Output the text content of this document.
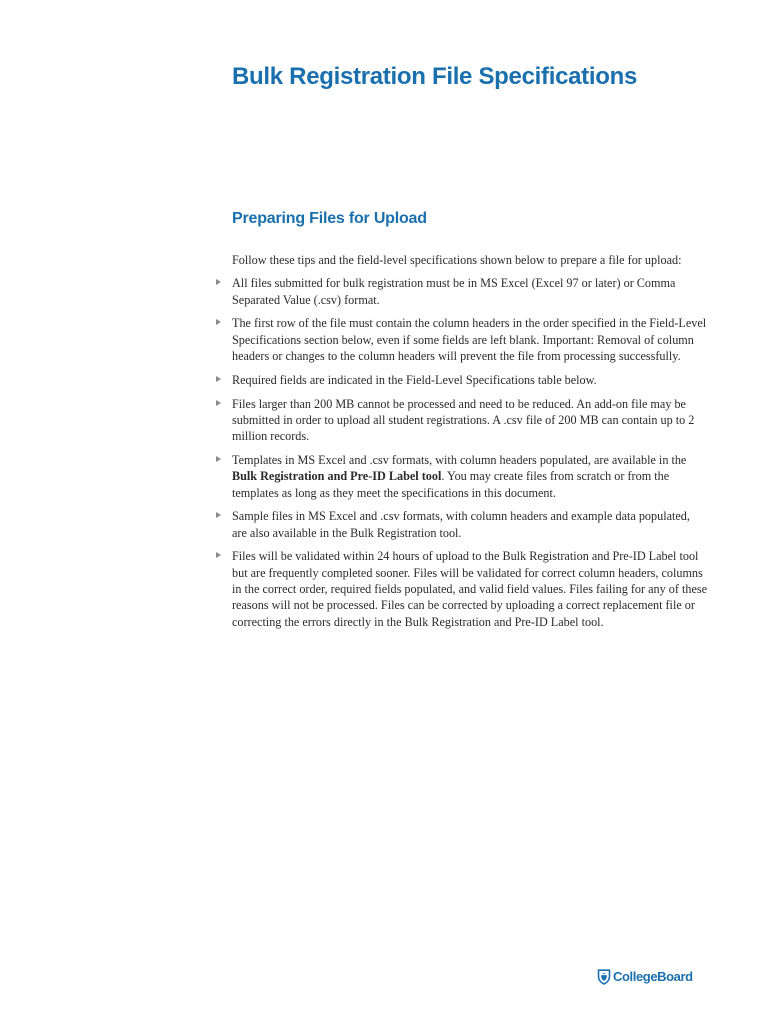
Bulk Registration File Specifications
Preparing Files for Upload

Follow these tips and the field-level specifications shown below to prepare a file for upload:

All files submitted for bulk registration must be in MS Excel (Excel 97 or later) or Comma Separated Value (.csv) format.
The first row of the file must contain the column headers in the order specified in the Field-Level Specifications section below, even if some fields are left blank. Important: Removal of column headers or changes to the column headers will prevent the file from processing successfully.
Required fields are indicated in the Field-Level Specifications table below.
Files larger than 200 MB cannot be processed and need to be reduced. An add-on file may be submitted in order to upload all student registrations. A .csv file of 200 MB can contain up to 2 million records.
Templates in MS Excel and .csv formats, with column headers populated, are available in the Bulk Registration and Pre-ID Label tool. You may create files from scratch or from the templates as long as they meet the specifications in this document.
Sample files in MS Excel and .csv formats, with column headers and example data populated, are also available in the Bulk Registration tool.
Files will be validated within 24 hours of upload to the Bulk Registration and Pre-ID Label tool but are frequently completed sooner. Files will be validated for correct column headers, columns in the correct order, required fields populated, and valid field values. Files failing for any of these reasons will not be processed. Files can be corrected by uploading a correct replacement file or correcting the errors directly in the Bulk Registration and Pre-ID Label tool.
CollegeBoard
